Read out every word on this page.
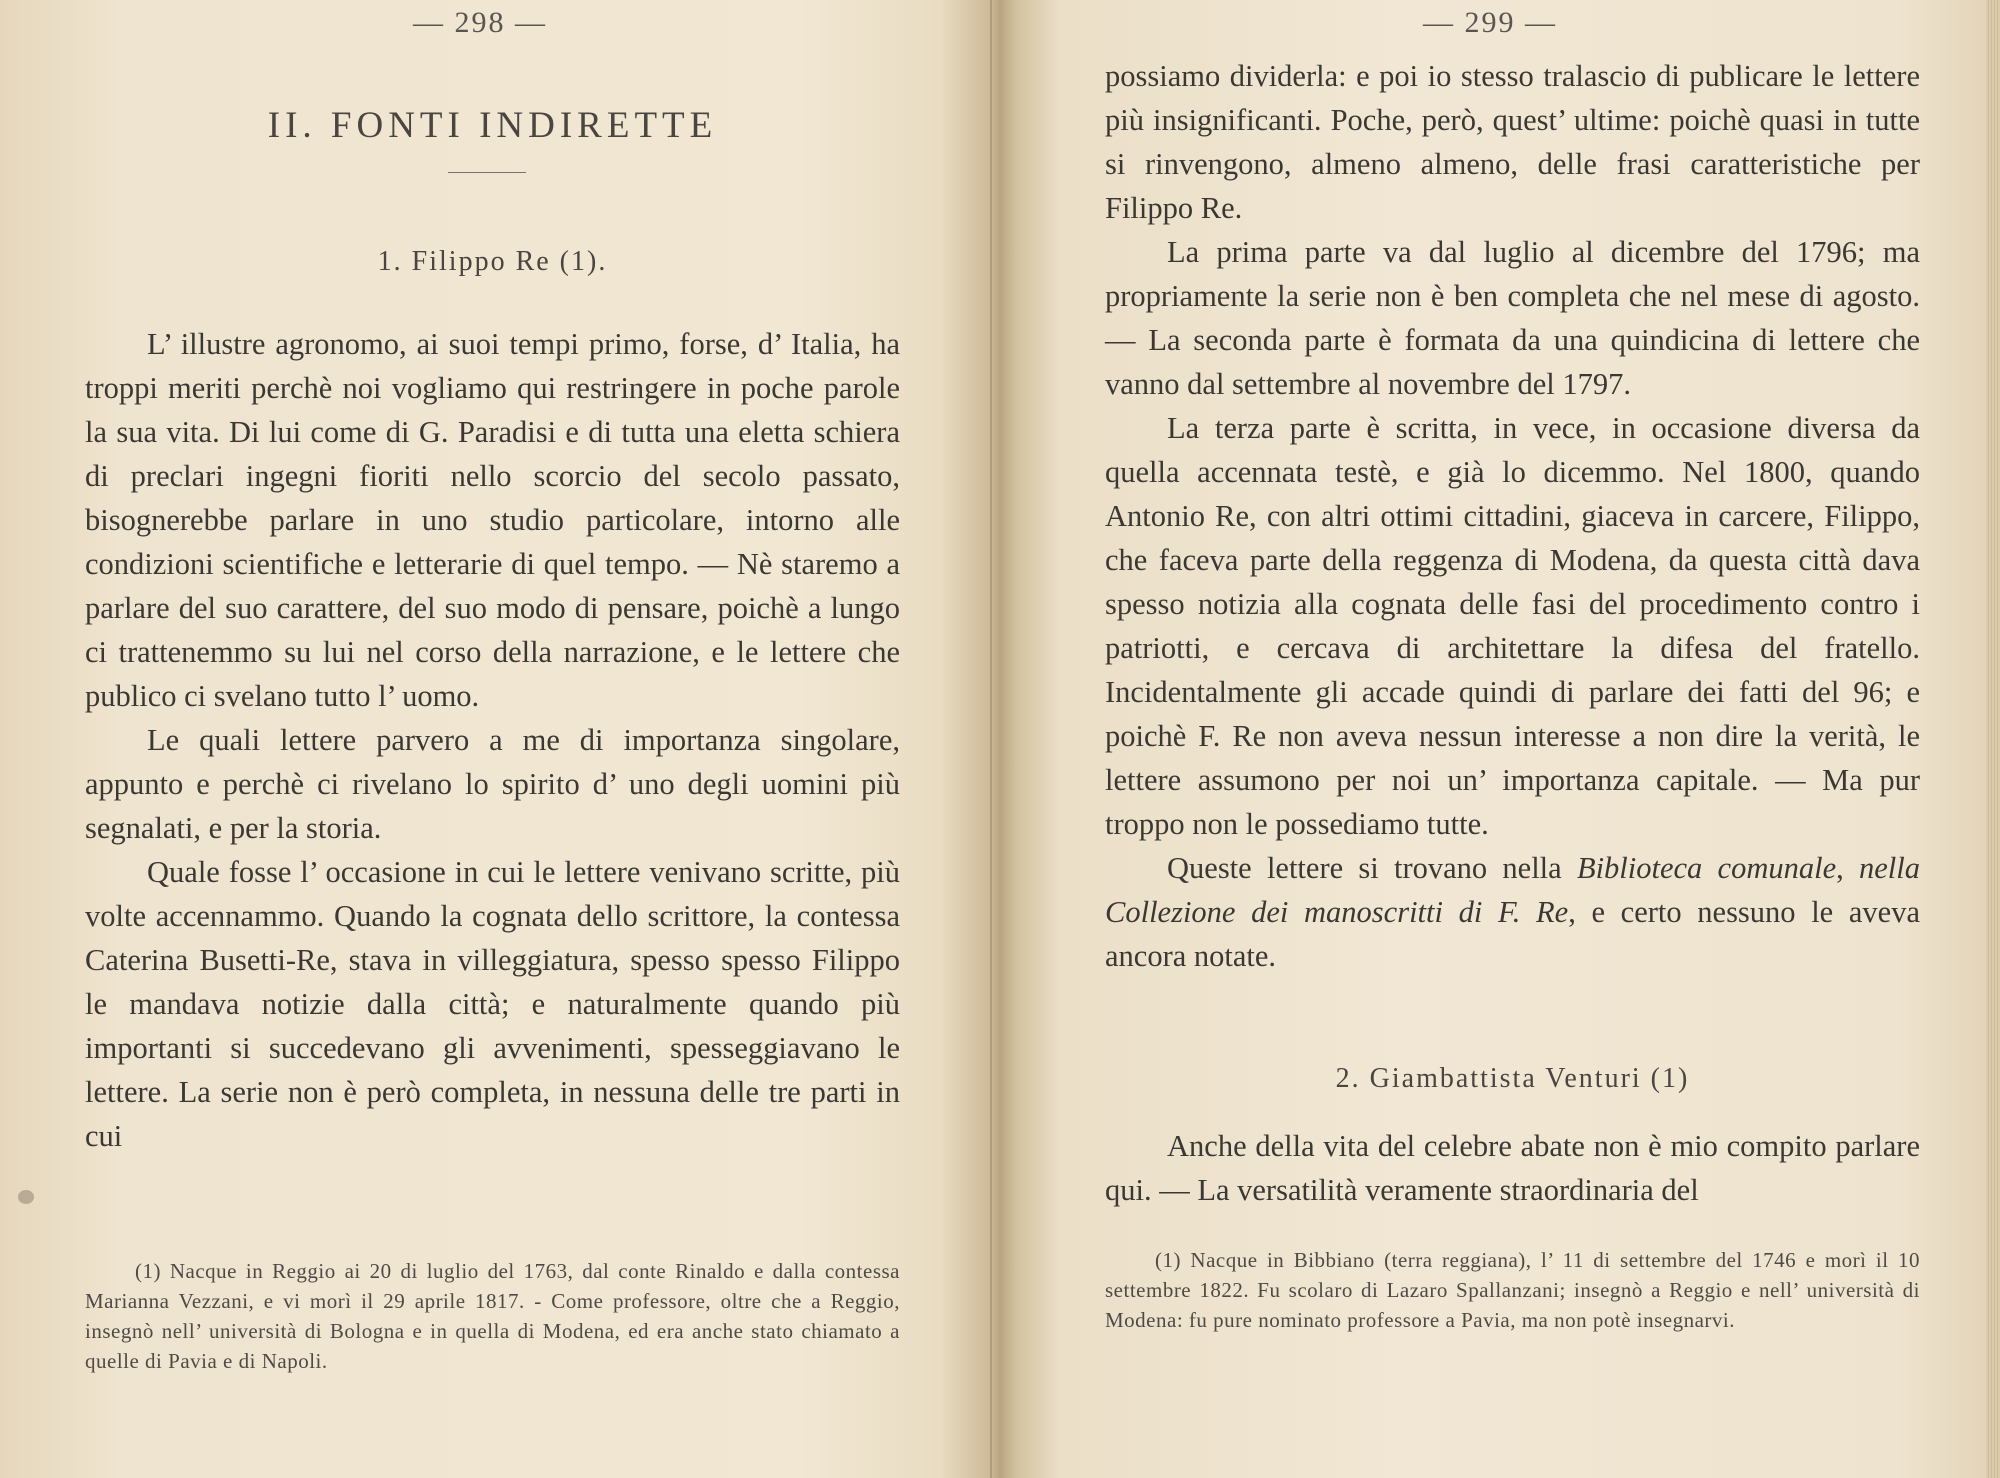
— 298 —
II. FONTI INDIRETTE
1. Filippo Re (1).

L’ illustre agronomo, ai suoi tempi primo, forse, d’ Italia, ha troppi meriti perchè noi vogliamo qui restringere in poche parole la sua vita. Di lui come di G. Paradisi e di tutta una eletta schiera di preclari ingegni fioriti nello scorcio del secolo passato, bisognerebbe parlare in uno studio particolare, intorno alle condizioni scientifiche e letterarie di quel tempo. — Nè staremo a parlare del suo carattere, del suo modo di pensare, poichè a lungo ci trattenemmo su lui nel corso della narrazione, e le lettere che publico ci svelano tutto l’ uomo.

Le quali lettere parvero a me di importanza singolare, appunto e perchè ci rivelano lo spirito d’ uno degli uomini più segnalati, e per la storia.

Quale fosse l’ occasione in cui le lettere venivano scritte, più volte accennammo. Quando la cognata dello scrittore, la contessa Caterina Busetti-Re, stava in villeggiatura, spesso spesso Filippo le mandava notizie dalla città; e naturalmente quando più importanti si succedevano gli avvenimenti, spesseggiavano le lettere. La serie non è però completa, in nessuna delle tre parti in cui

(1) Nacque in Reggio ai 20 di luglio del 1763, dal conte Rinaldo e dalla contessa Marianna Vezzani, e vi morì il 29 aprile 1817. - Come professore, oltre che a Reggio, insegnò nell’ università di Bologna e in quella di Modena, ed era anche stato chiamato a quelle di Pavia e di Napoli.

— 299 —

possiamo dividerla: e poi io stesso tralascio di publicare le lettere più insignificanti. Poche, però, quest’ ultime: poichè quasi in tutte si rinvengono, almeno almeno, delle frasi caratteristiche per Filippo Re.

La prima parte va dal luglio al dicembre del 1796; ma propriamente la serie non è ben completa che nel mese di agosto. — La seconda parte è formata da una quindicina di lettere che vanno dal settembre al novembre del 1797.

La terza parte è scritta, in vece, in occasione diversa da quella accennata testè, e già lo dicemmo. Nel 1800, quando Antonio Re, con altri ottimi cittadini, giaceva in carcere, Filippo, che faceva parte della reggenza di Modena, da questa città dava spesso notizia alla cognata delle fasi del procedimento contro i patriotti, e cercava di architettare la difesa del fratello. Incidentalmente gli accade quindi di parlare dei fatti del 96; e poichè F. Re non aveva nessun interesse a non dire la verità, le lettere assumono per noi un’ importanza capitale. — Ma pur troppo non le possediamo tutte.

Queste lettere si trovano nella Biblioteca comunale, nella Collezione dei manoscritti di F. Re, e certo nessuno le aveva ancora notate.

2. Giambattista Venturi (1)

Anche della vita del celebre abate non è mio compito parlare qui. — La versatilità veramente straordinaria del

(1) Nacque in Bibbiano (terra reggiana), l’ 11 di settembre del 1746 e morì il 10 settembre 1822. Fu scolaro di Lazaro Spallanzani; insegnò a Reggio e nell’ università di Modena: fu pure nominato professore a Pavia, ma non potè insegnarvi.
